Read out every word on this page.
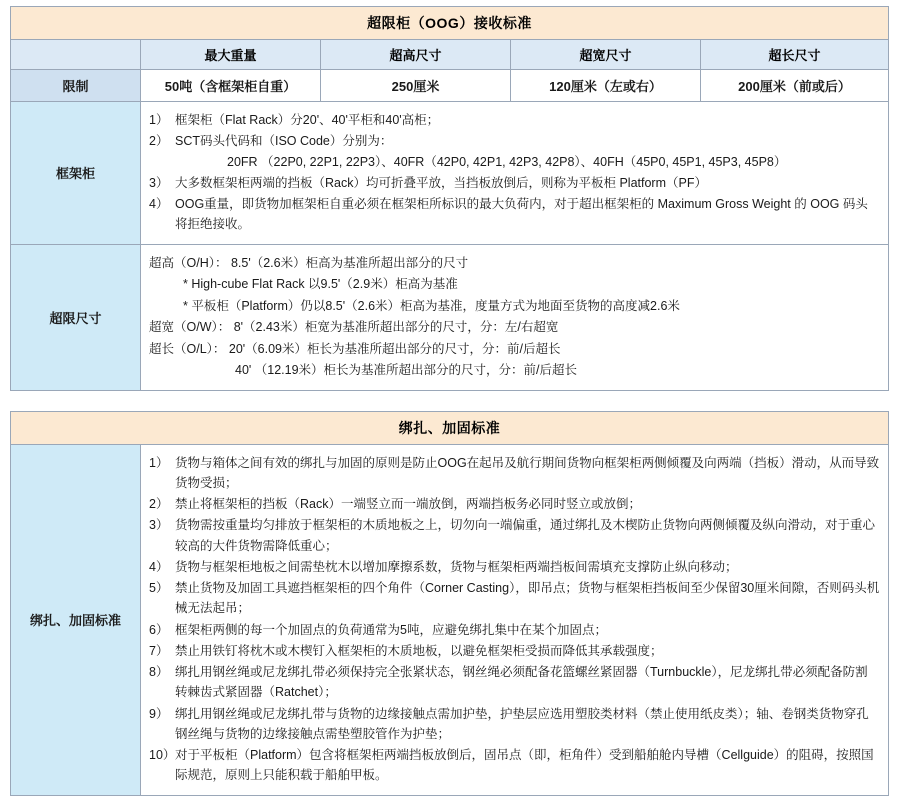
超限柜（OOG）接收标准				
	最大重量	超高尺寸	超宽尺寸	超长尺寸
限制	50吨（含框架柜自重）	250厘米	120厘米（左或右）	200厘米（前或后）
框架柜	
1） 框架柜（Flat Rack）分20'、40'平柜和40'高柜；
2） SCT码头代码和（ISO Code）分别为：
20FR （22P0, 22P1, 22P3）、40FR（42P0, 42P1, 42P3, 42P8）、40FH（45P0, 45P1, 45P3, 45P8）
3） 大多数框架柜两端的挡板（Rack）均可折叠平放，当挡板放倒后，则称为平板柜 Platform（PF）
4） OOG重量，即货物加框架柜自重必须在框架柜所标识的最大负荷内，对于超出框架柜的 Maximum Gross Weight 的 OOG 码头将拒绝接收。

超限尺寸	
超高（O/H）： 8.5'（2.6米）柜高为基准所超出部分的尺寸
* High-cube Flat Rack 以9.5'（2.9米）柜高为基准
* 平板柜（Platform）仍以8.5'（2.6米）柜高为基准，度量方式为地面至货物的高度减2.6米
超宽（O/W）： 8'（2.43米）柜宽为基准所超出部分的尺寸，分：左/右超宽
超长（O/L）： 20'（6.09米）柜长为基准所超出部分的尺寸，分：前/后超长
40' （12.19米）柜长为基准所超出部分的尺寸，分：前/后超长
绑扎、加固标准
绑扎、加固标准	
1） 货物与箱体之间有效的绑扎与加固的原则是防止OOG在起吊及航行期间货物向框架柜两侧倾覆及向两端（挡板）滑动，从而导致货物受损；
2） 禁止将框架柜的挡板（Rack）一端竖立而一端放倒，两端挡板务必同时竖立或放倒；
3） 货物需按重量均匀排放于框架柜的木质地板之上，切勿向一端偏重，通过绑扎及木楔防止货物向两侧倾覆及纵向滑动，对于重心较高的大件货物需降低重心；
4） 货物与框架柜地板之间需垫枕木以增加摩擦系数，货物与框架柜两端挡板间需填充支撑防止纵向移动；
5） 禁止货物及加固工具遮挡框架柜的四个角件（Corner Casting），即吊点；货物与框架柜挡板间至少保留30厘米间隙，否则码头机械无法起吊；
6） 框架柜两侧的每一个加固点的负荷通常为5吨，应避免绑扎集中在某个加固点；
7） 禁止用铁钉将枕木或木楔钉入框架柜的木质地板，以避免框架柜受损而降低其承载强度；
8） 绑扎用钢丝绳或尼龙绑扎带必须保持完全张紧状态，钢丝绳必须配备花篮螺丝紧固器（Turnbuckle），尼龙绑扎带必须配备防割转棘齿式紧固器（Ratchet）；
9） 绑扎用钢丝绳或尼龙绑扎带与货物的边缘接触点需加护垫，护垫层应选用塑胶类材料（禁止使用纸皮类）；轴、卷钢类货物穿孔钢丝绳与货物的边缘接触点需垫塑胶管作为护垫；
10） 对于平板柜（Platform）包含将框架柜两端挡板放倒后，固吊点（即，柜角件）受到船舶舱内导槽（Cellguide）的阻碍，按照国际规范，原则上只能积载于船舶甲板。
